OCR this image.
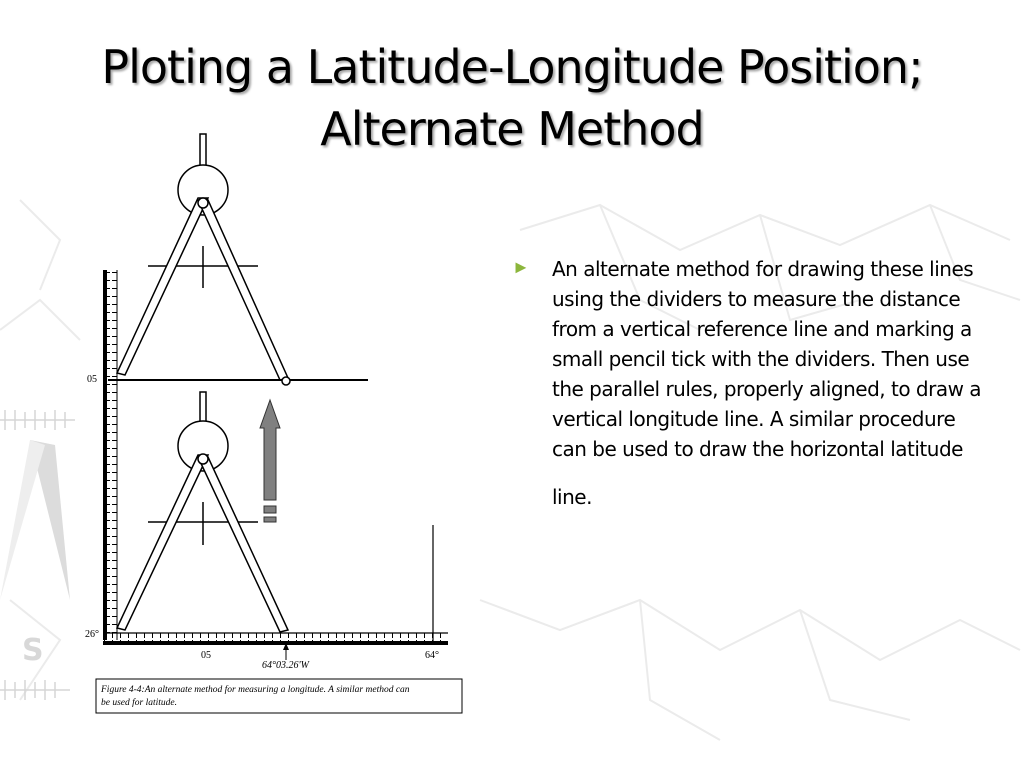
S
Ploting a Latitude-Longitude Position;
Alternate Method
05
26°
05	64°
64°03.26'W
Figure 4-4:An alternate method for measuring a longitude. A similar method can
be used for latitude.
► An alternate method for drawing these lines using the dividers to measure the distance from a vertical reference line and marking a small pencil tick with the dividers. Then use the parallel rules, properly aligned, to draw a vertical longitude line. A similar procedure can be used to draw the horizontal latitude
line.
